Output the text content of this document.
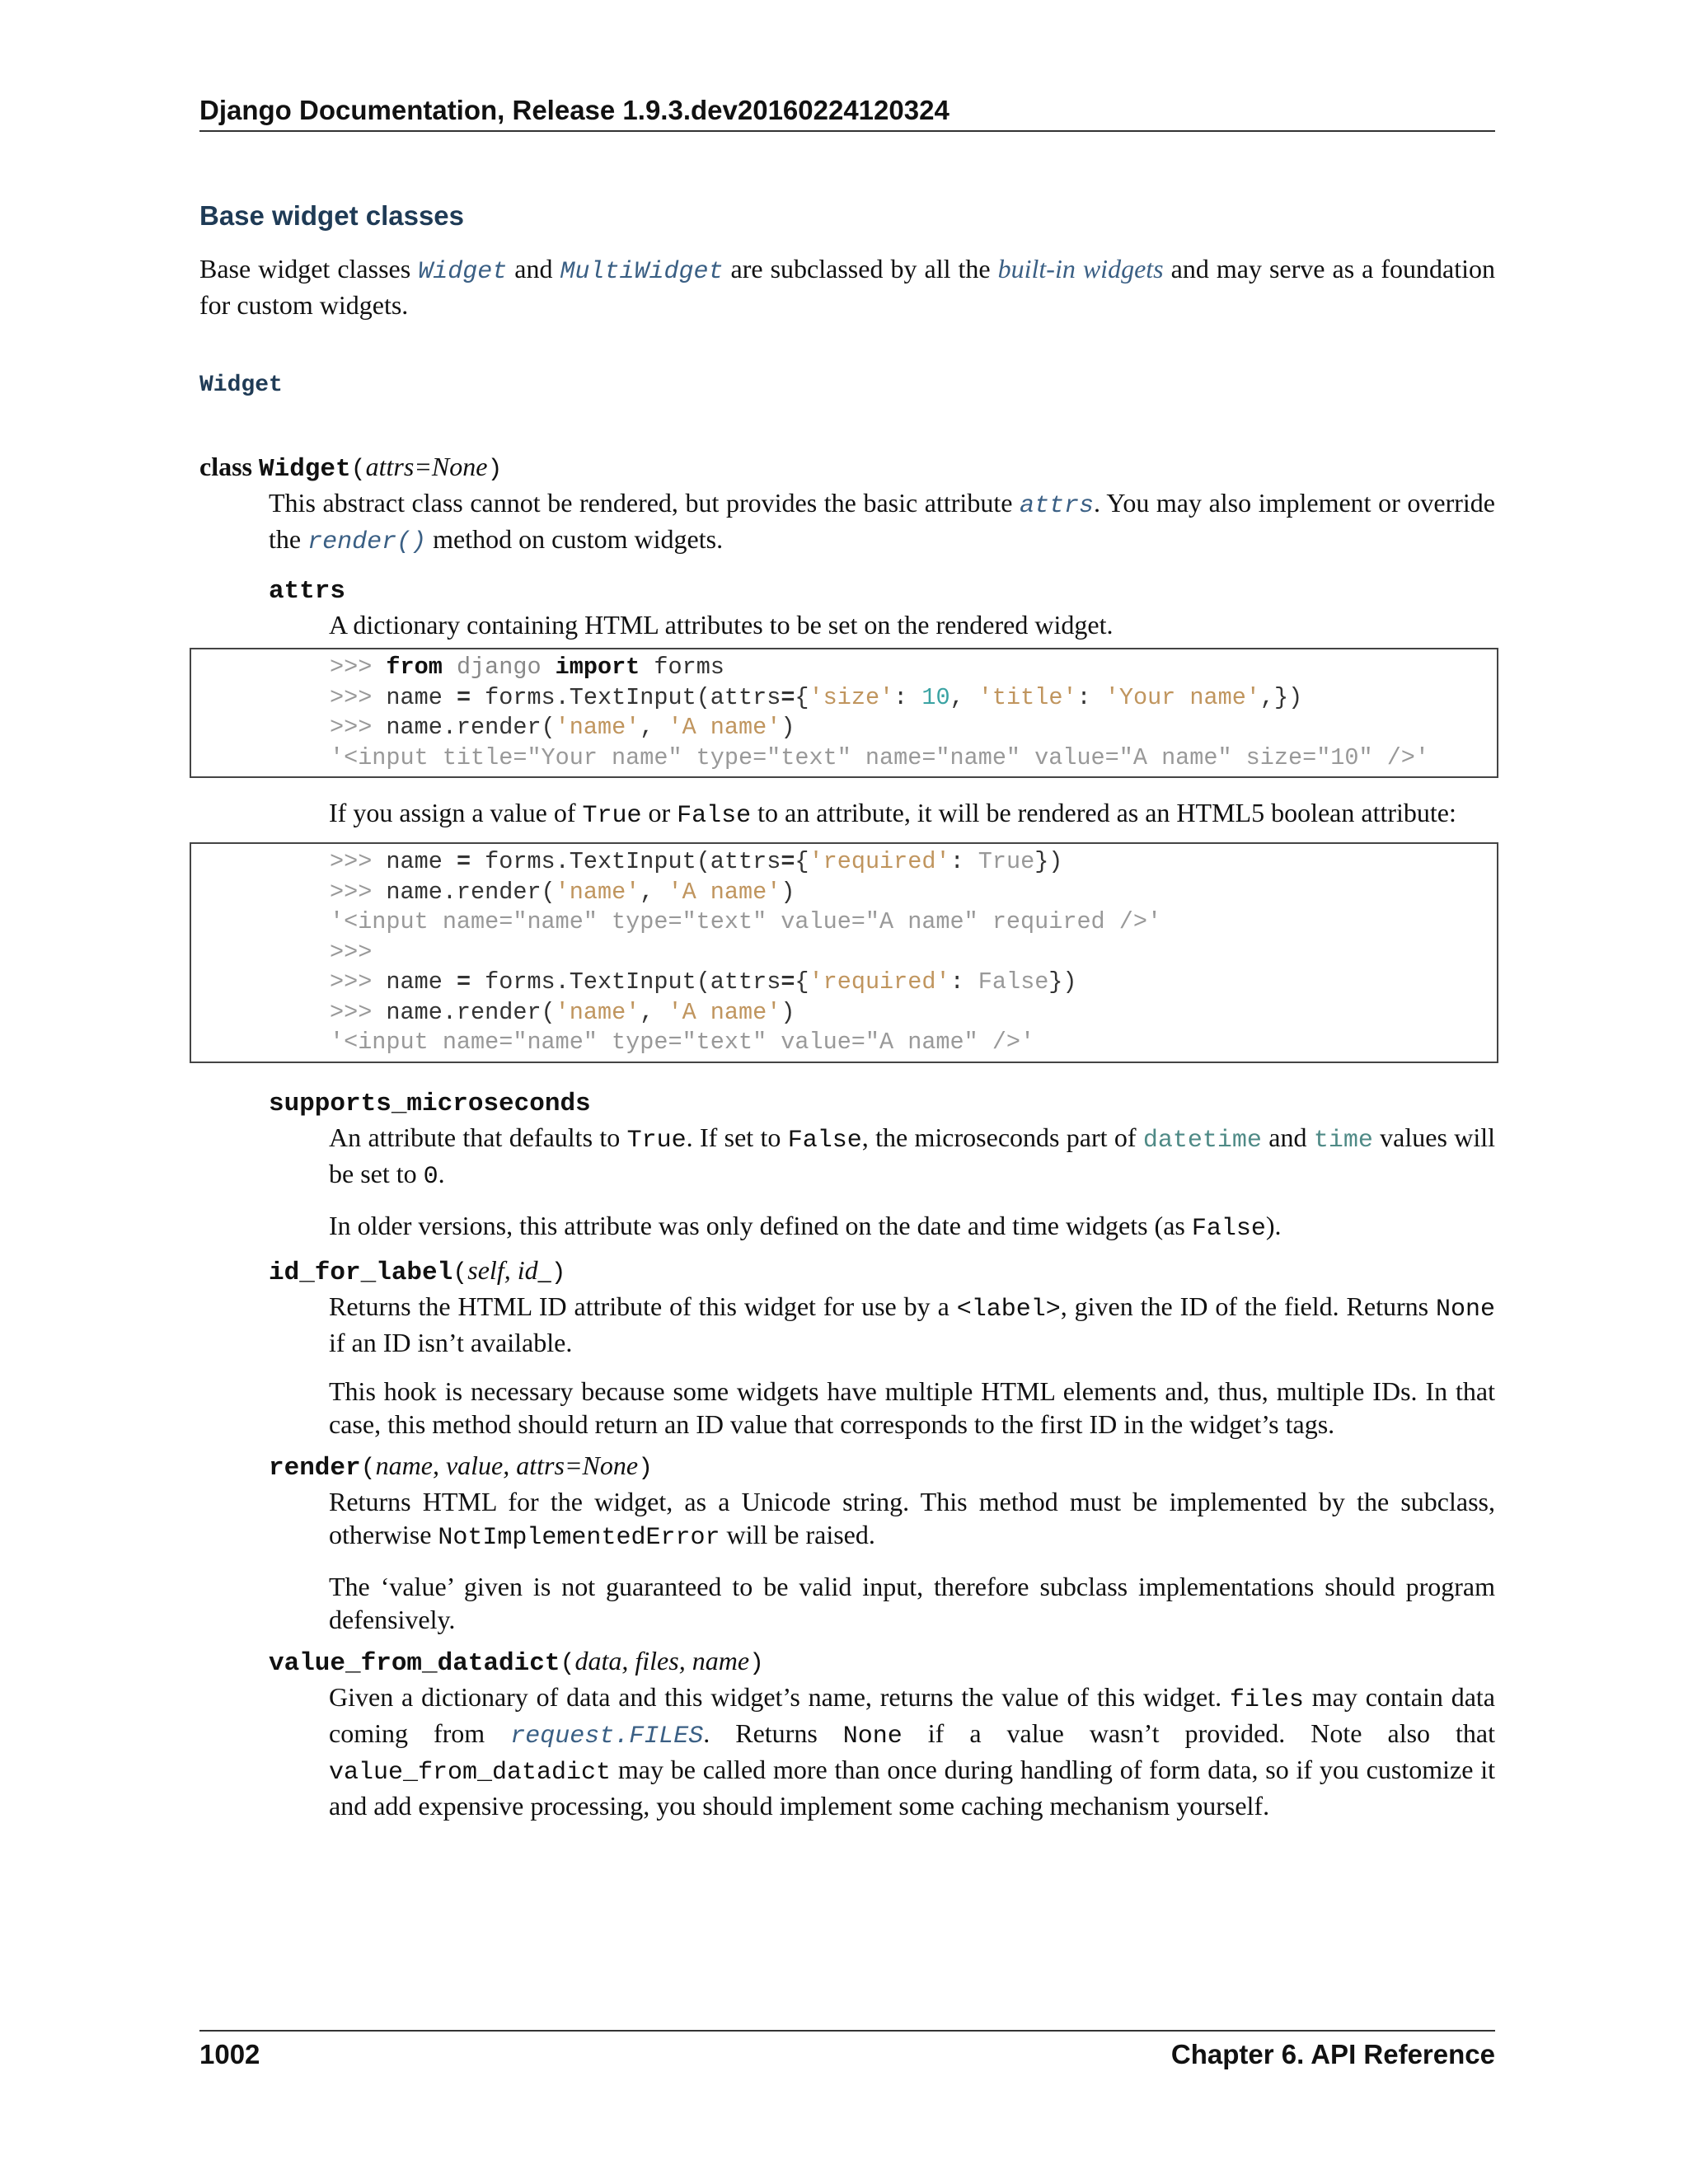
Django Documentation, Release 1.9.3.dev20160224120324
Base widget classes

Base widget classes Widget and MultiWidget are subclassed by all the built-in widgets and may serve as a foundation for custom widgets.

Widget
class Widget(attrs=None)

This abstract class cannot be rendered, but provides the basic attribute attrs. You may also implement or override the render() method on custom widgets.

attrs

A dictionary containing HTML attributes to be set on the rendered widget.

>>> from django import forms
>>> name = forms.TextInput(attrs={'size': 10, 'title': 'Your name',})
>>> name.render('name', 'A name')
'<input title="Your name" type="text" name="name" value="A name" size="10" />'

If you assign a value of True or False to an attribute, it will be rendered as an HTML5 boolean attribute:

>>> name = forms.TextInput(attrs={'required': True})
>>> name.render('name', 'A name')
'<input name="name" type="text" value="A name" required />'
>>>
>>> name = forms.TextInput(attrs={'required': False})
>>> name.render('name', 'A name')
'<input name="name" type="text" value="A name" />'
supports_microseconds

An attribute that defaults to True. If set to False, the microseconds part of datetime and time values will be set to 0.

In older versions, this attribute was only defined on the date and time widgets (as False).

id_for_label(self, id_)

Returns the HTML ID attribute of this widget for use by a <label>, given the ID of the field. Returns None if an ID isn’t available.

This hook is necessary because some widgets have multiple HTML elements and, thus, multiple IDs. In that case, this method should return an ID value that corresponds to the first ID in the widget’s tags.

render(name, value, attrs=None)

Returns HTML for the widget, as a Unicode string. This method must be implemented by the subclass, otherwise NotImplementedError will be raised.

The ‘value’ given is not guaranteed to be valid input, therefore subclass implementations should program defensively.

value_from_datadict(data, files, name)

Given a dictionary of data and this widget’s name, returns the value of this widget. files may contain data coming from request.FILES. Returns None if a value wasn’t provided. Note also that value_from_datadict may be called more than once during handling of form data, so if you customize it and add expensive processing, you should implement some caching mechanism yourself.

1002	Chapter 6. API Reference
